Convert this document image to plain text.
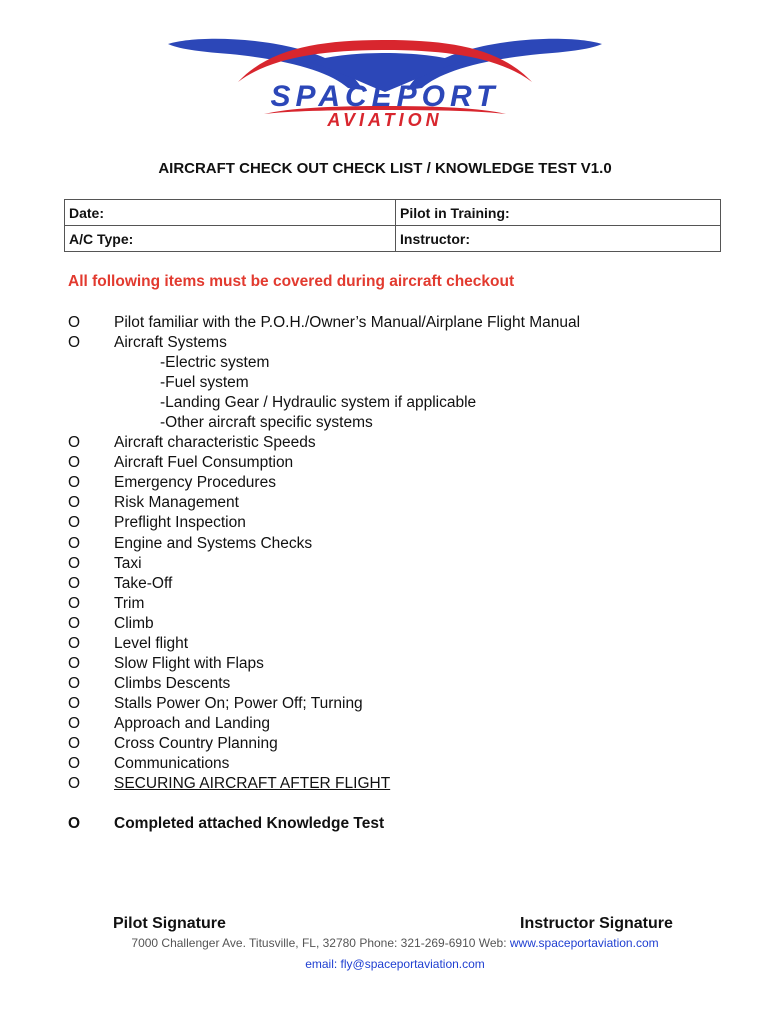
SPACEPORT
AVIATION
AIRCRAFT CHECK OUT CHECK LIST / KNOWLEDGE TEST V1.0
Date:	Pilot in Training:
A/C Type:	Instructor:
All following items must be covered during aircraft checkout
O Pilot familiar with the P.O.H./Owner’s Manual/Airplane Flight Manual
O Aircraft Systems
-Electric system
-Fuel system
-Landing Gear / Hydraulic system if applicable
-Other aircraft specific systems
O Aircraft characteristic Speeds
O Aircraft Fuel Consumption
O Emergency Procedures
O Risk Management
O Preflight Inspection
O Engine and Systems Checks
O Taxi
O Take-Off
O Trim
O Climb
O Level flight
O Slow Flight with Flaps
O Climbs Descents
O Stalls Power On; Power Off; Turning
O Approach and Landing
O Cross Country Planning
O Communications
O SECURING AIRCRAFT AFTER FLIGHT
O Completed attached Knowledge Test
Pilot Signature	Instructor Signature
7000 Challenger Ave. Titusville, FL, 32780 Phone: 321-269-6910 Web: www.spaceportaviation.com
email: fly@spaceportaviation.com
